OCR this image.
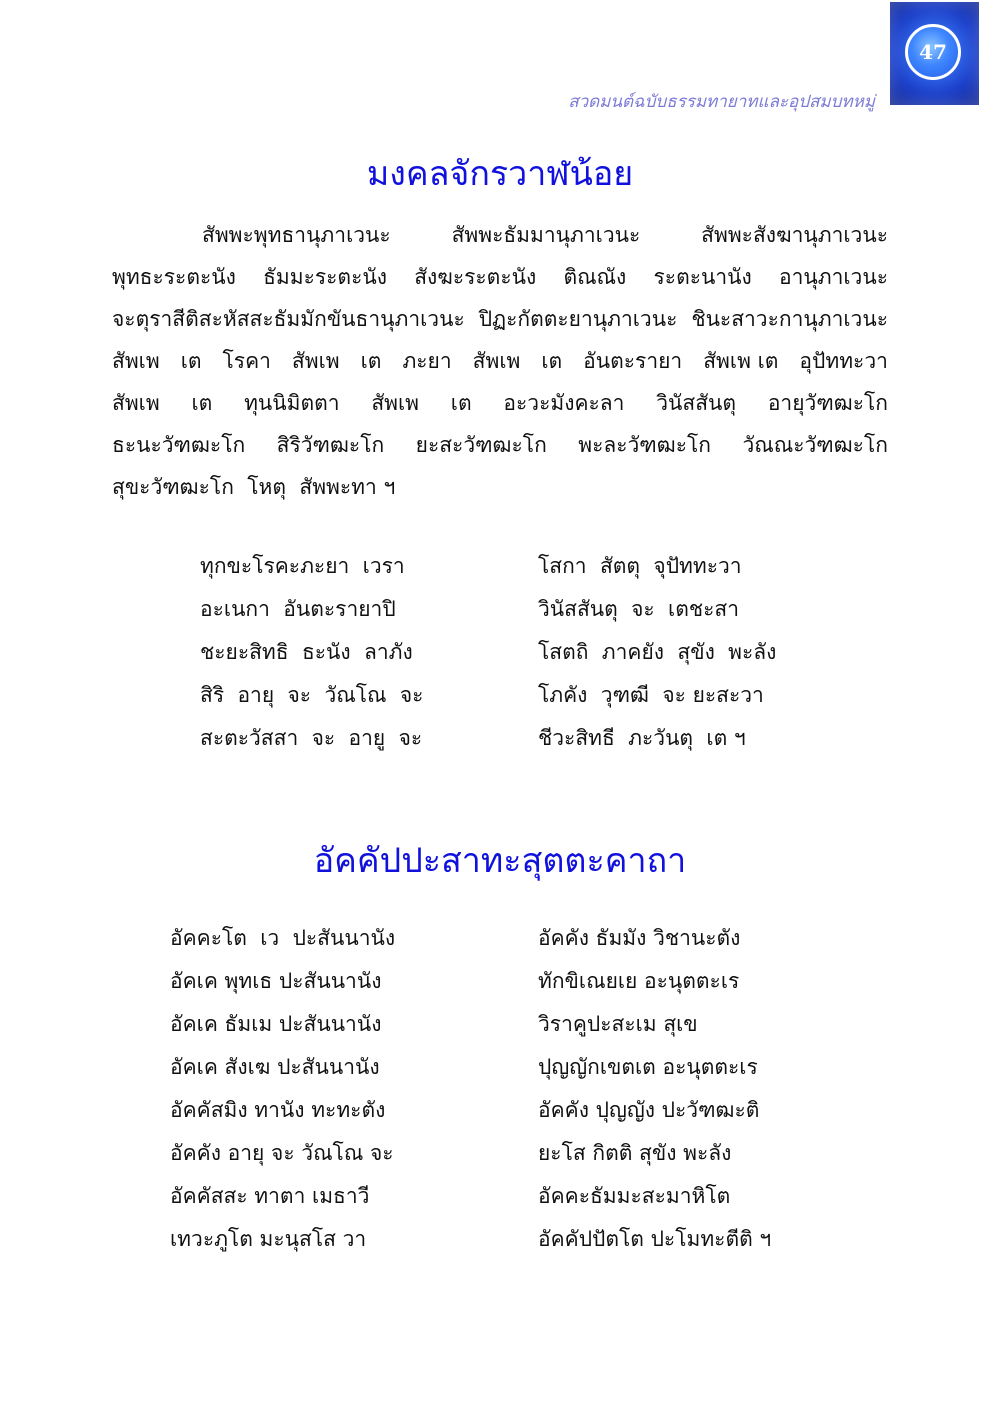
47
สวดมนต์ฉบับธรรมทายาทและอุปสมบทหมู่
มงคลจักรวาฬน้อย
สัพพะพุทธานุภาเวนะ	สัพพะธัมมานุภาเวนะ	สัพพะสังฆานุภาเวนะ
พุทธะระตะนัง ธัมมะระตะนัง สังฆะระตะนัง ติณณัง ระตะนานัง อานุภาเวนะ
จะตุราสีติสะหัสสะธัมมักขันธานุภาเวนะ ปิฏะกัตตะยานุภาเวนะ ชินะสาวะกานุภาเวนะ
สัพเพ เต โรคา สัพเพ เต ภะยา สัพเพ เต อันตะรายา สัพเพ เต อุปัททะวา
สัพเพ เต ทุนนิมิตตา สัพเพ เต อะวะมังคะลา วินัสสันตุ อายุวัฑฒะโก
ธะนะวัฑฒะโก สิริวัฑฒะโก ยะสะวัฑฒะโก พะละวัฑฒะโก วัณณะวัฑฒะโก
สุขะวัฑฒะโก  โหตุ  สัพพะทา ฯ
ทุกขะโรคะภะยา  เวรา
อะเนกา  อันตะรายาปิ
ชะยะสิทธิ  ธะนัง  ลาภัง
สิริ  อายุ  จะ  วัณโณ  จะ
สะตะวัสสา  จะ  อายู  จะ
โสกา  สัตตุ  จุปัททะวา
วินัสสันตุ  จะ  เตชะสา
โสตถิ  ภาคยัง  สุขัง  พะลัง
โภคัง  วุฑฒี  จะ ยะสะวา
ชีวะสิทธี  ภะวันตุ  เต ฯ
อัคคัปปะสาทะสุตตะคาถา
อัคคะโต  เว  ปะสันนานัง
อัคเค พุทเธ ปะสันนานัง
อัคเค ธัมเม ปะสันนานัง
อัคเค สังเฆ ปะสันนานัง
อัคคัสมิง ทานัง ทะทะตัง
อัคคัง อายุ จะ วัณโณ จะ
อัคคัสสะ ทาตา เมธาวี
เทวะภูโต มะนุสโส วา
อัคคัง ธัมมัง วิชานะตัง
ทักขิเณยเย อะนุตตะเร
วิราคูปะสะเม สุเข
ปุญญักเขตเต อะนุตตะเร
อัคคัง ปุญญัง ปะวัฑฒะติ
ยะโส กิตติ สุขัง พะลัง
อัคคะธัมมะสะมาหิโต
อัคคัปปัตโต ปะโมทะตีติ ฯ
